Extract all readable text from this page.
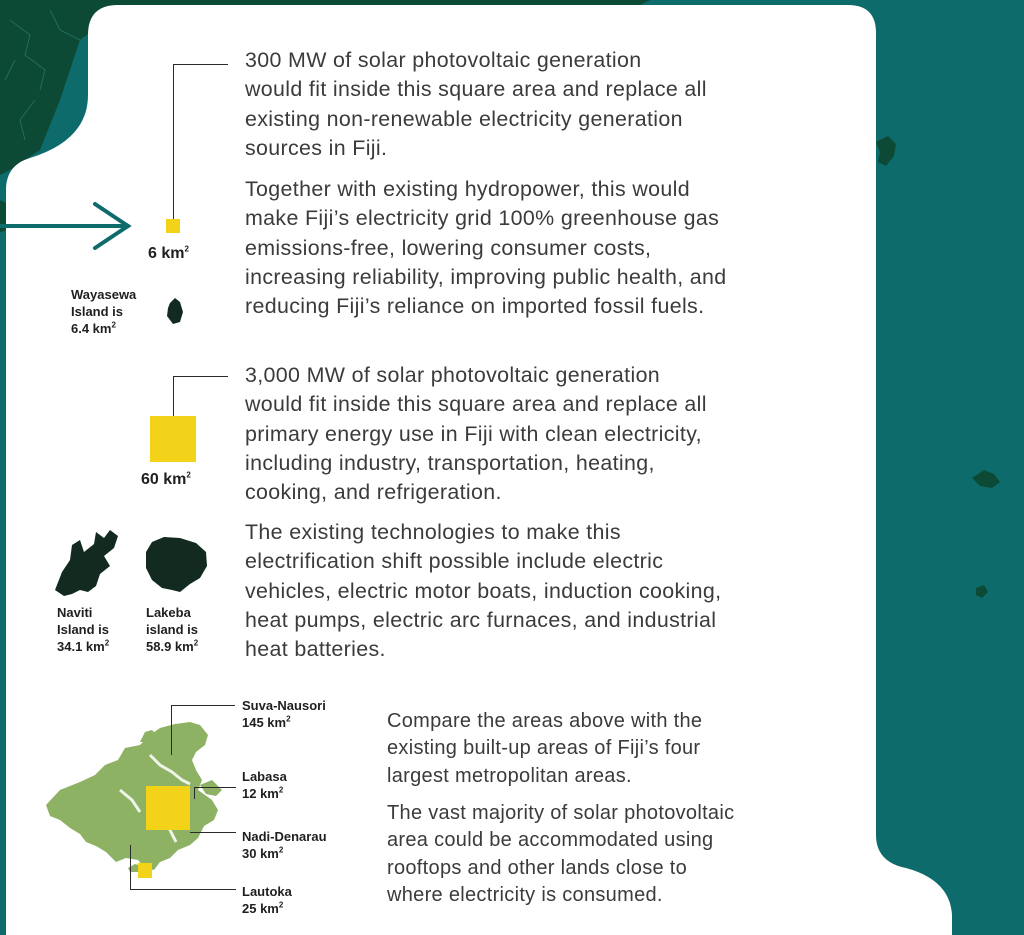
6 $km^2$
Wayasewa
Island is
6.4 $km^2$
300 MW of solar photovoltaic generation
would fit inside this square area and replace all
existing non-renewable electricity generation
sources in Fiji.
Together with existing hydropower, this would
make Fiji’s electricity grid 100% greenhouse gas
emissions-free, lowering consumer costs,
increasing reliability, improving public health, and
reducing Fiji’s reliance on imported fossil fuels.
60 $km^2$
Naviti
Island is
34.1 $km^2$
Lakeba
island is
58.9 $km^2$
3,000 MW of solar photovoltaic generation
would fit inside this square area and replace all
primary energy use in Fiji with clean electricity,
including industry, transportation, heating,
cooking, and refrigeration.
The existing technologies to make this
electrification shift possible include electric
vehicles, electric motor boats, induction cooking,
heat pumps, electric arc furnaces, and industrial
heat batteries.
Suva-Nausori
145 $km^2$
Labasa
12 $km^2$
Nadi-Denarau
30 $km^2$
Lautoka
25 $km^2$
Compare the areas above with the
existing built-up areas of Fiji’s four
largest metropolitan areas.
The vast majority of solar photovoltaic
area could be accommodated using
rooftops and other lands close to
where electricity is consumed.
